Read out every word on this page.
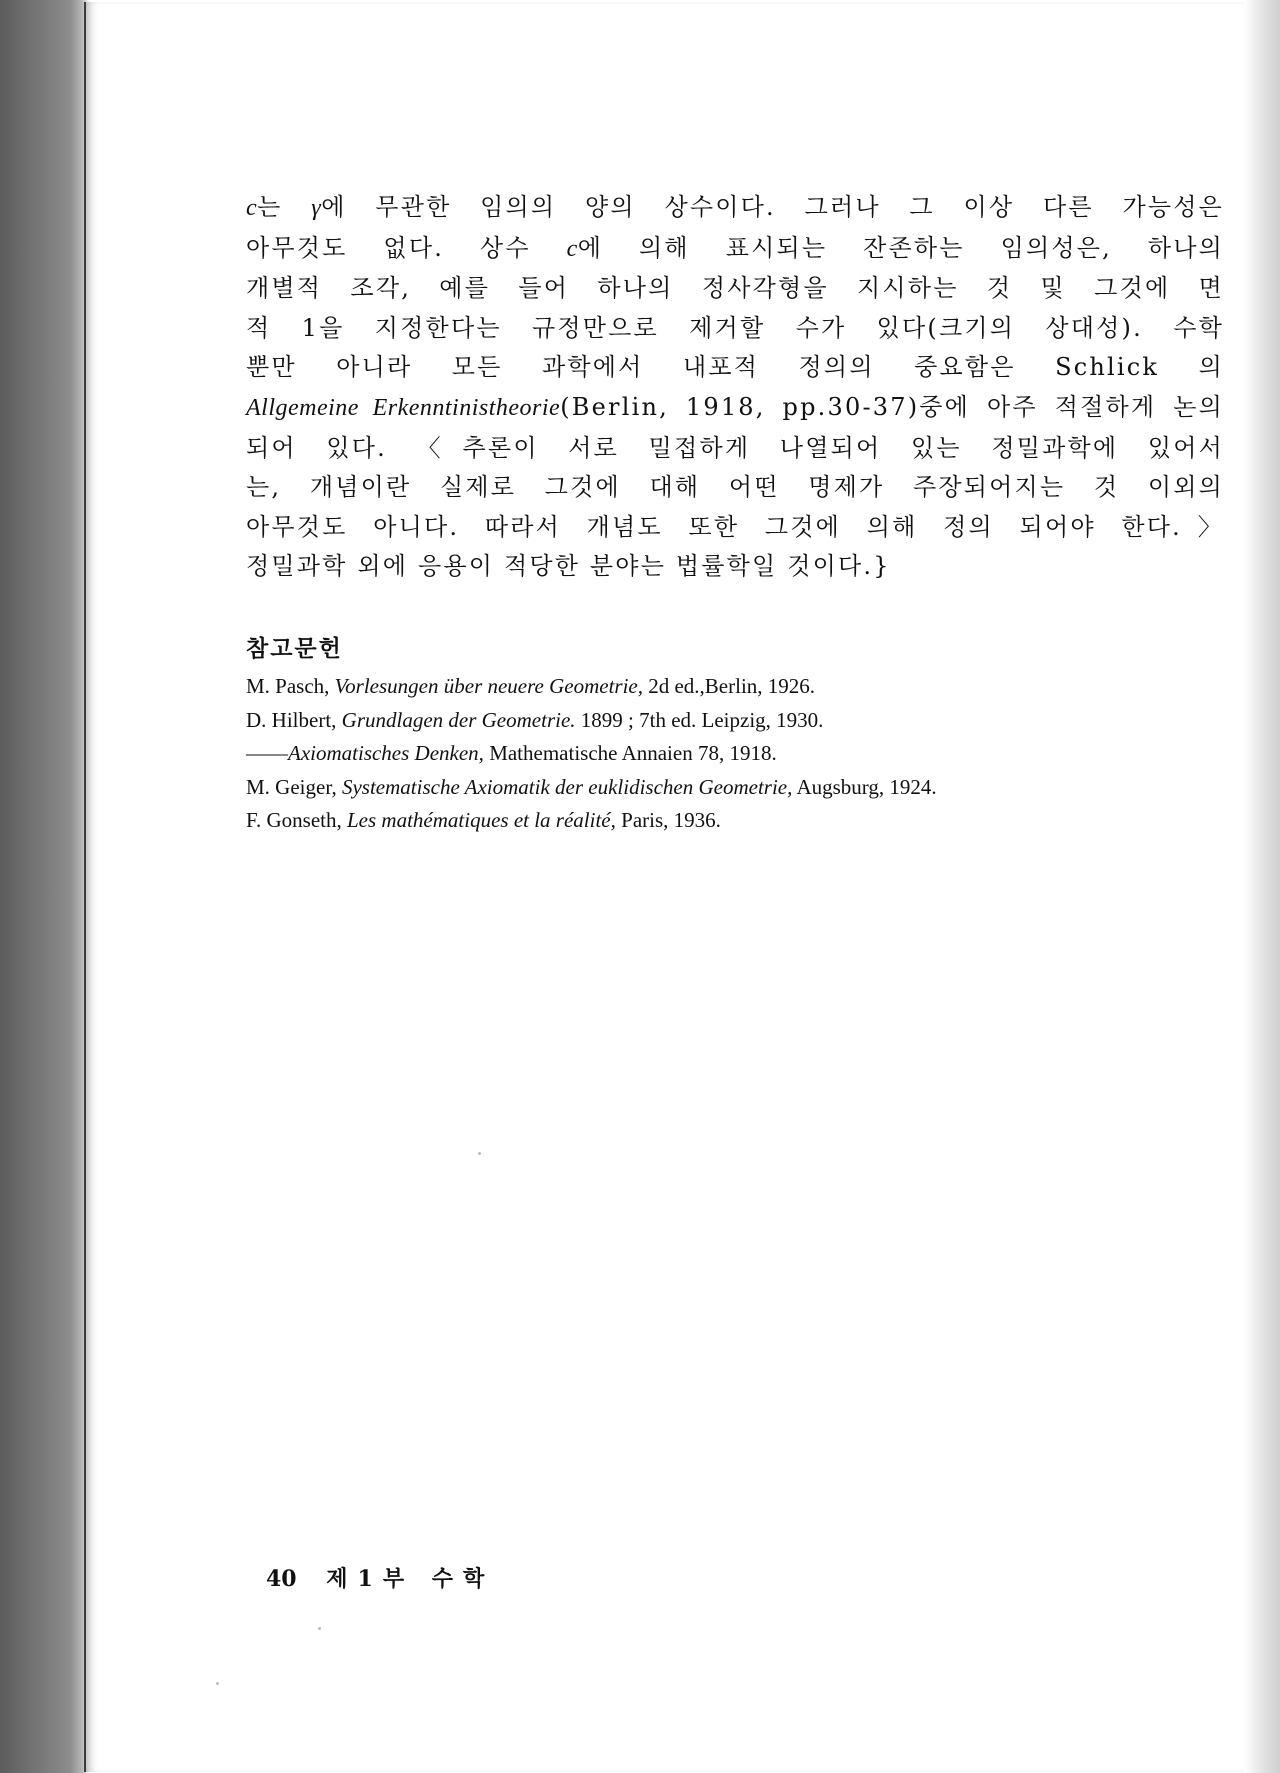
c는 γ에 무관한 임의의 양의 상수이다. 그러나 그 이상 다른 가능성은
아무것도 없다. 상수 c에 의해 표시되는 잔존하는 임의성은, 하나의
개별적 조각, 예를 들어 하나의 정사각형을 지시하는 것 및 그것에 면
적 1을 지정한다는 규정만으로 제거할 수가 있다(크기의 상대성). 수학
뿐만 아니라 모든 과학에서 내포적 정의의 중요함은 Schlick 의
Allgemeine Erkenntinistheorie(Berlin, 1918, pp.30-37)중에 아주 적절하게 논의
되어 있다. 〈추론이 서로 밀접하게 나열되어 있는 정밀과학에 있어서
는, 개념이란 실제로 그것에 대해 어떤 명제가 주장되어지는 것 이외의
아무것도 아니다. 따라서 개념도 또한 그것에 의해 정의 되어야 한다.〉
정밀과학 외에 응용이 적당한 분야는 법률학일 것이다.}
참고문헌
M. Pasch, Vorlesungen über neuere Geometrie, 2d ed.,Berlin, 1926.
D. Hilbert, Grundlagen der Geometrie. 1899 ; 7th ed. Leipzig, 1930.
——Axiomatisches Denken, Mathematische Annaien 78, 1918.
M. Geiger, Systematische Axiomatik der euklidischen Geometrie, Augsburg, 1924.
F. Gonseth, Les mathématiques et la réalité, Paris, 1936.
40 제1부 수학
